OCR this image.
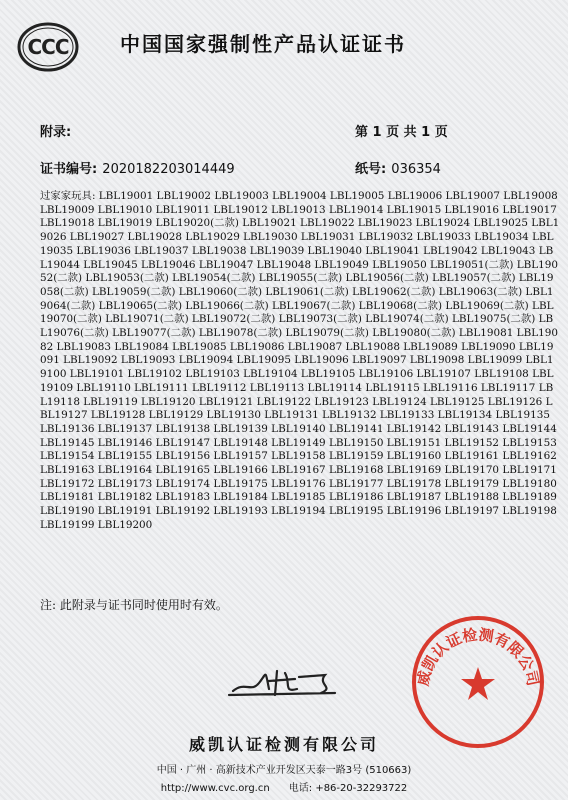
CCC	中国国家强制性产品认证证书
附录:	第 1 页 共 1 页
证书编号: 2020182203014449	纸号: 036354
过家家玩具: LBL19001 LBL19002 LBL19003 LBL19004 LBL19005 LBL19006 LBL19007 LBL19008 LBL19009 LBL19010 LBL19011 LBL19012 LBL19013 LBL19014 LBL19015 LBL19016 LBL19017 LBL19018 LBL19019 LBL19020(二款) LBL19021 LBL19022 LBL19023 LBL19024 LBL19025 LBL19026 LBL19027 LBL19028 LBL19029 LBL19030 LBL19031 LBL19032 LBL19033 LBL19034 LBL19035 LBL19036 LBL19037 LBL19038 LBL19039 LBL19040 LBL19041 LBL19042 LBL19043 LBL19044 LBL19045 LBL19046 LBL19047 LBL19048 LBL19049 LBL19050 LBL19051(二款) LBL19052(二款) LBL19053(二款) LBL19054(二款) LBL19055(二款) LBL19056(二款) LBL19057(二款) LBL19058(二款) LBL19059(二款) LBL19060(二款) LBL19061(二款) LBL19062(二款) LBL19063(二款) LBL19064(二款) LBL19065(二款) LBL19066(二款) LBL19067(二款) LBL19068(二款) LBL19069(二款) LBL19070(二款) LBL19071(二款) LBL19072(二款) LBL19073(二款) LBL19074(二款) LBL19075(二款) LBL19076(二款) LBL19077(二款) LBL19078(二款) LBL19079(二款) LBL19080(二款) LBL19081 LBL19082 LBL19083 LBL19084 LBL19085 LBL19086 LBL19087 LBL19088 LBL19089 LBL19090 LBL19091 LBL19092 LBL19093 LBL19094 LBL19095 LBL19096 LBL19097 LBL19098 LBL19099 LBL19100 LBL19101 LBL19102 LBL19103 LBL19104 LBL19105 LBL19106 LBL19107 LBL19108 LBL19109 LBL19110 LBL19111 LBL19112 LBL19113 LBL19114 LBL19115 LBL19116 LBL19117 LBL19118 LBL19119 LBL19120 LBL19121 LBL19122 LBL19123 LBL19124 LBL19125 LBL19126 LBL19127 LBL19128 LBL19129 LBL19130 LBL19131 LBL19132 LBL19133 LBL19134 LBL19135 LBL19136 LBL19137 LBL19138 LBL19139 LBL19140 LBL19141 LBL19142 LBL19143 LBL19144 LBL19145 LBL19146 LBL19147 LBL19148 LBL19149 LBL19150 LBL19151 LBL19152 LBL19153 LBL19154 LBL19155 LBL19156 LBL19157 LBL19158 LBL19159 LBL19160 LBL19161 LBL19162 LBL19163 LBL19164 LBL19165 LBL19166 LBL19167 LBL19168 LBL19169 LBL19170 LBL19171 LBL19172 LBL19173 LBL19174 LBL19175 LBL19176 LBL19177 LBL19178 LBL19179 LBL19180 LBL19181 LBL19182 LBL19183 LBL19184 LBL19185 LBL19186 LBL19187 LBL19188 LBL19189 LBL19190 LBL19191 LBL19192 LBL19193 LBL19194 LBL19195 LBL19196 LBL19197 LBL19198 LBL19199 LBL19200
注: 此附录与证书同时使用时有效。
威凯认证检测有限公司
威凯认证检测有限公司
中国 · 广州 · 高新技术产业开发区天泰一路3号 (510663)
http://www.cvc.org.cn 电话: +86-20-32293722
